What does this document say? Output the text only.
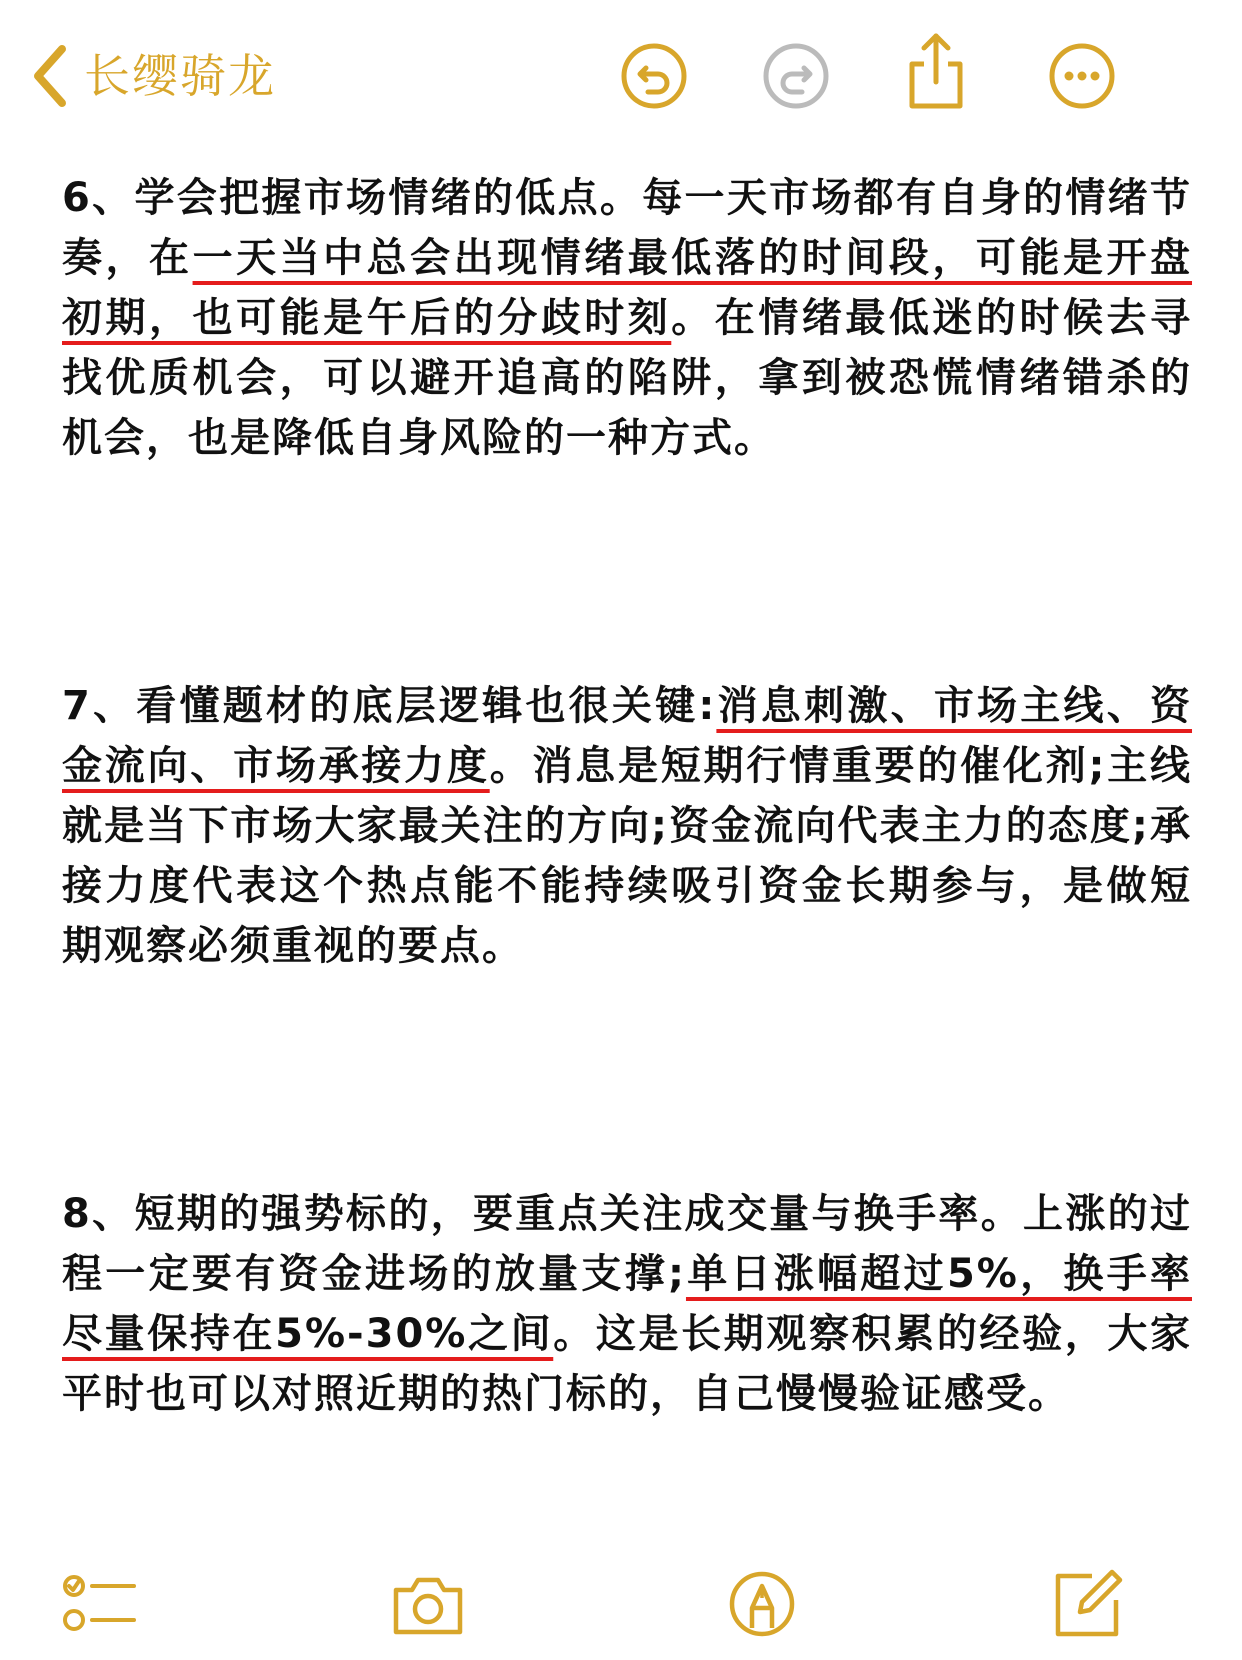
长缨骑龙

6、学会把握市场情绪的低点。每一天市场都有自身的情绪节奏，在一天当中总会出现情绪最低落的时间段，可能是开盘初期，也可能是午后的分歧时刻。在情绪最低迷的时候去寻找优质机会，可以避开追高的陷阱，拿到被恐慌情绪错杀的机会，也是降低自身风险的一种方式。

7、看懂题材的底层逻辑也很关键:消息刺激、市场主线、资金流向、市场承接力度。消息是短期行情重要的催化剂;主线就是当下市场大家最关注的方向;资金流向代表主力的态度;承接力度代表这个热点能不能持续吸引资金长期参与，是做短期观察必须重视的要点。

8、短期的强势标的，要重点关注成交量与换手率。上涨的过程一定要有资金进场的放量支撑;单日涨幅超过5%，换手率尽量保持在5%-30%之间。这是长期观察积累的经验，大家平时也可以对照近期的热门标的，自己慢慢验证感受。
